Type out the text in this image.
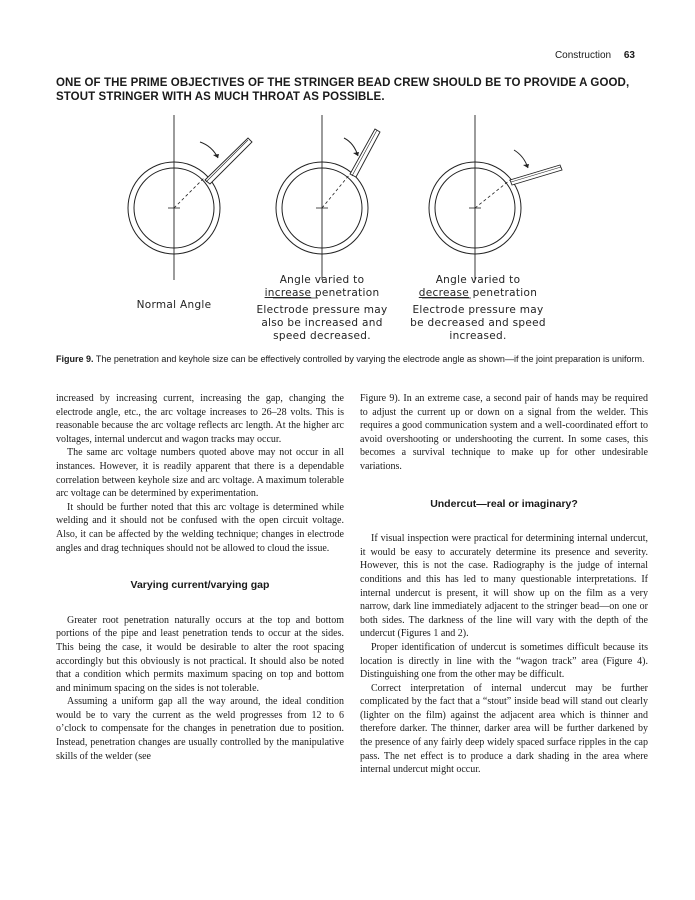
Construction 63
ONE OF THE PRIME OBJECTIVES OF THE STRINGER BEAD CREW SHOULD BE TO PROVIDE A GOOD, STOUT STRINGER WITH AS MUCH THROAT AS POSSIBLE.
Normal Angle
Angle varied to
increase penetration
Electrode pressure may
also be increased and
speed decreased.
Angle varied to
decrease penetration
Electrode pressure may
be decreased and speed
increased.
Figure 9. The penetration and keyhole size can be effectively controlled by varying the electrode angle as shown—if the joint preparation is uniform.

increased by increasing current, increasing the gap, changing the electrode angle, etc., the arc voltage increases to 26–28 volts. This is reasonable because the arc voltage reflects arc length. At the higher arc voltages, internal undercut and wagon tracks may occur.

The same arc voltage numbers quoted above may not occur in all instances. However, it is readily apparent that there is a dependable correlation between keyhole size and arc voltage. A maximum tolerable arc voltage can be determined by experimentation.

It should be further noted that this arc voltage is determined while welding and it should not be confused with the open circuit voltage. Also, it can be affected by the welding technique; changes in electrode angles and drag techniques should not be allowed to cloud the issue.

Varying current/varying gap

Greater root penetration naturally occurs at the top and bottom portions of the pipe and least penetration tends to occur at the sides. This being the case, it would be desirable to alter the root spacing accordingly but this obviously is not practical. It should also be noted that a condition which permits maximum spacing on top and bottom and minimum spacing on the sides is not tolerable.

Assuming a uniform gap all the way around, the ideal condition would be to vary the current as the weld progresses from 12 to 6 o’clock to compensate for the changes in penetration due to position. Instead, penetration changes are usually controlled by the manipulative skills of the welder (see

Figure 9). In an extreme case, a second pair of hands may be required to adjust the current up or down on a signal from the welder. This requires a good communication system and a well-coordinated effort to avoid overshooting or undershooting the current. In some cases, this becomes a survival technique to make up for other undesirable variations.

Undercut—real or imaginary?

If visual inspection were practical for determining internal undercut, it would be easy to accurately determine its presence and severity. However, this is not the case. Radiography is the judge of internal conditions and this has led to many questionable interpretations. If internal undercut is present, it will show up on the film as a very narrow, dark line immediately adjacent to the stringer bead—on one or both sides. The darkness of the line will vary with the depth of the undercut (Figures 1 and 2).

Proper identification of undercut is sometimes difficult because its location is directly in line with the “wagon track” area (Figure 4). Distinguishing one from the other may be difficult.

Correct interpretation of internal undercut may be further complicated by the fact that a “stout” inside bead will stand out clearly (lighter on the film) against the adjacent area which is thinner and therefore darker. The thinner, darker area will be further darkened by the presence of any fairly deep widely spaced surface ripples in the cap pass. The net effect is to produce a dark shading in the area where internal undercut might occur.
